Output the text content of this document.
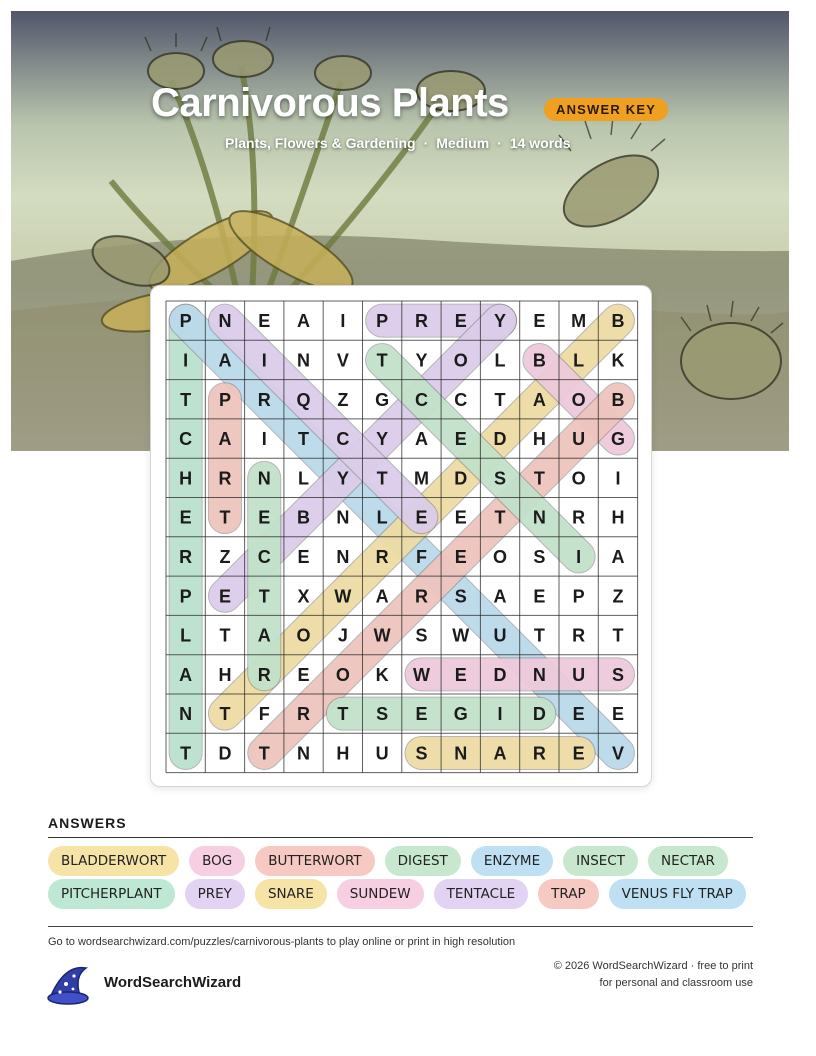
Carnivorous Plants	ANSWER KEY
Plants, Flowers & Gardening · Medium · 14 words
P N E A I P R E Y E M B
I A I N V T Y O L B L K
T P R Q Z G C C T A O B
C A I T C Y A E D H U G
H R N L Y T M D S T O I
E T E B N L E E T N R H
R Z C E N R F E O S I A
P E T X W A R S A E P Z
L T A O J W S W U T R T
A H R E O K W E D N U S
N T F R T S E G I D E E
T D T N H U S N A R E V
ANSWERS
BLADDERWORT	BOG	BUTTERWORT	DIGEST	ENZYME	INSECT	NECTARPITCHERPLANT	PREY	SNARE	SUNDEW	TENTACLE	TRAP	VENUS FLY TRAP
Go to wordsearchwizard.com/puzzles/carnivorous-plants to play online or print in high resolution
WordSearchWizard
© 2026 WordSearchWizard · free to print for personal and classroom use
